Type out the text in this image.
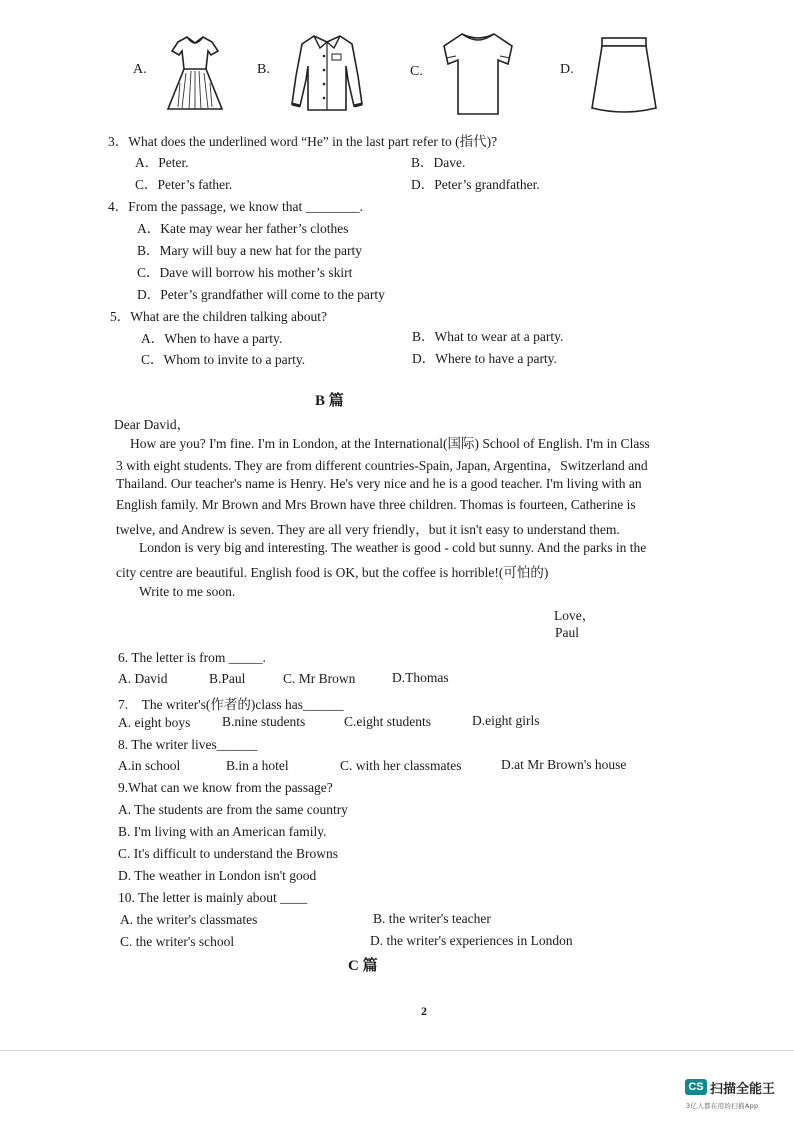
A.	B.	C.	D.
3．What does the underlined word “He” in the last part refer to (指代)?
A．Peter.	B．Dave.
C．Peter’s father.	D．Peter’s grandfather.
4．From the passage, we know that ________.
A．Kate may wear her father’s clothes
B．Mary will buy a new hat for the party
C．Dave will borrow his mother’s skirt
D．Peter’s grandfather will come to the party
5．What are the children talking about?
A．When to have a party.	B．What to wear at a party.
C．Whom to invite to a party.	D．Where to have a party.
B 篇
Dear David，
How are you? I'm fine. I'm in London, at the International(国际) School of English. I'm in Class
3 with eight students. They are from different countries-Spain, Japan, Argentina，Switzerland and
Thailand. Our teacher's name is Henry. He's very nice and he is a good teacher. I'm living with an
English family. Mr Brown and Mrs Brown have three children. Thomas is fourteen, Catherine is
twelve, and Andrew is seven. They are all very friendly，but it isn't easy to understand them.
London is very big and interesting. The weather is good - cold but sunny. And the parks in the
city centre are beautiful. English food is OK, but the coffee is horrible!(可怕的)
Write to me soon.
Love，
Paul
6. The letter is from _____.
A. David	B.Paul	C. Mr Brown	D.Thomas
7.　The writer's(作者的)class has______
A. eight boys B.nine students	C.eight students	D.eight girls
8. The writer lives______
A.in school	B.in a hotel	C. with her classmates	D.at Mr Brown's house
9.What can we know from the passage?
A. The students are from the same country
B. I'm living with an American family.
C. It's difficult to understand the Browns
D. The weather in London isn't good
10. The letter is mainly about ____
A. the writer's classmates	B. the writer's teacher
C. the writer's school	D. the writer's experiences in London
C 篇
2
CS 扫描全能王
3亿人都在用的扫描App
